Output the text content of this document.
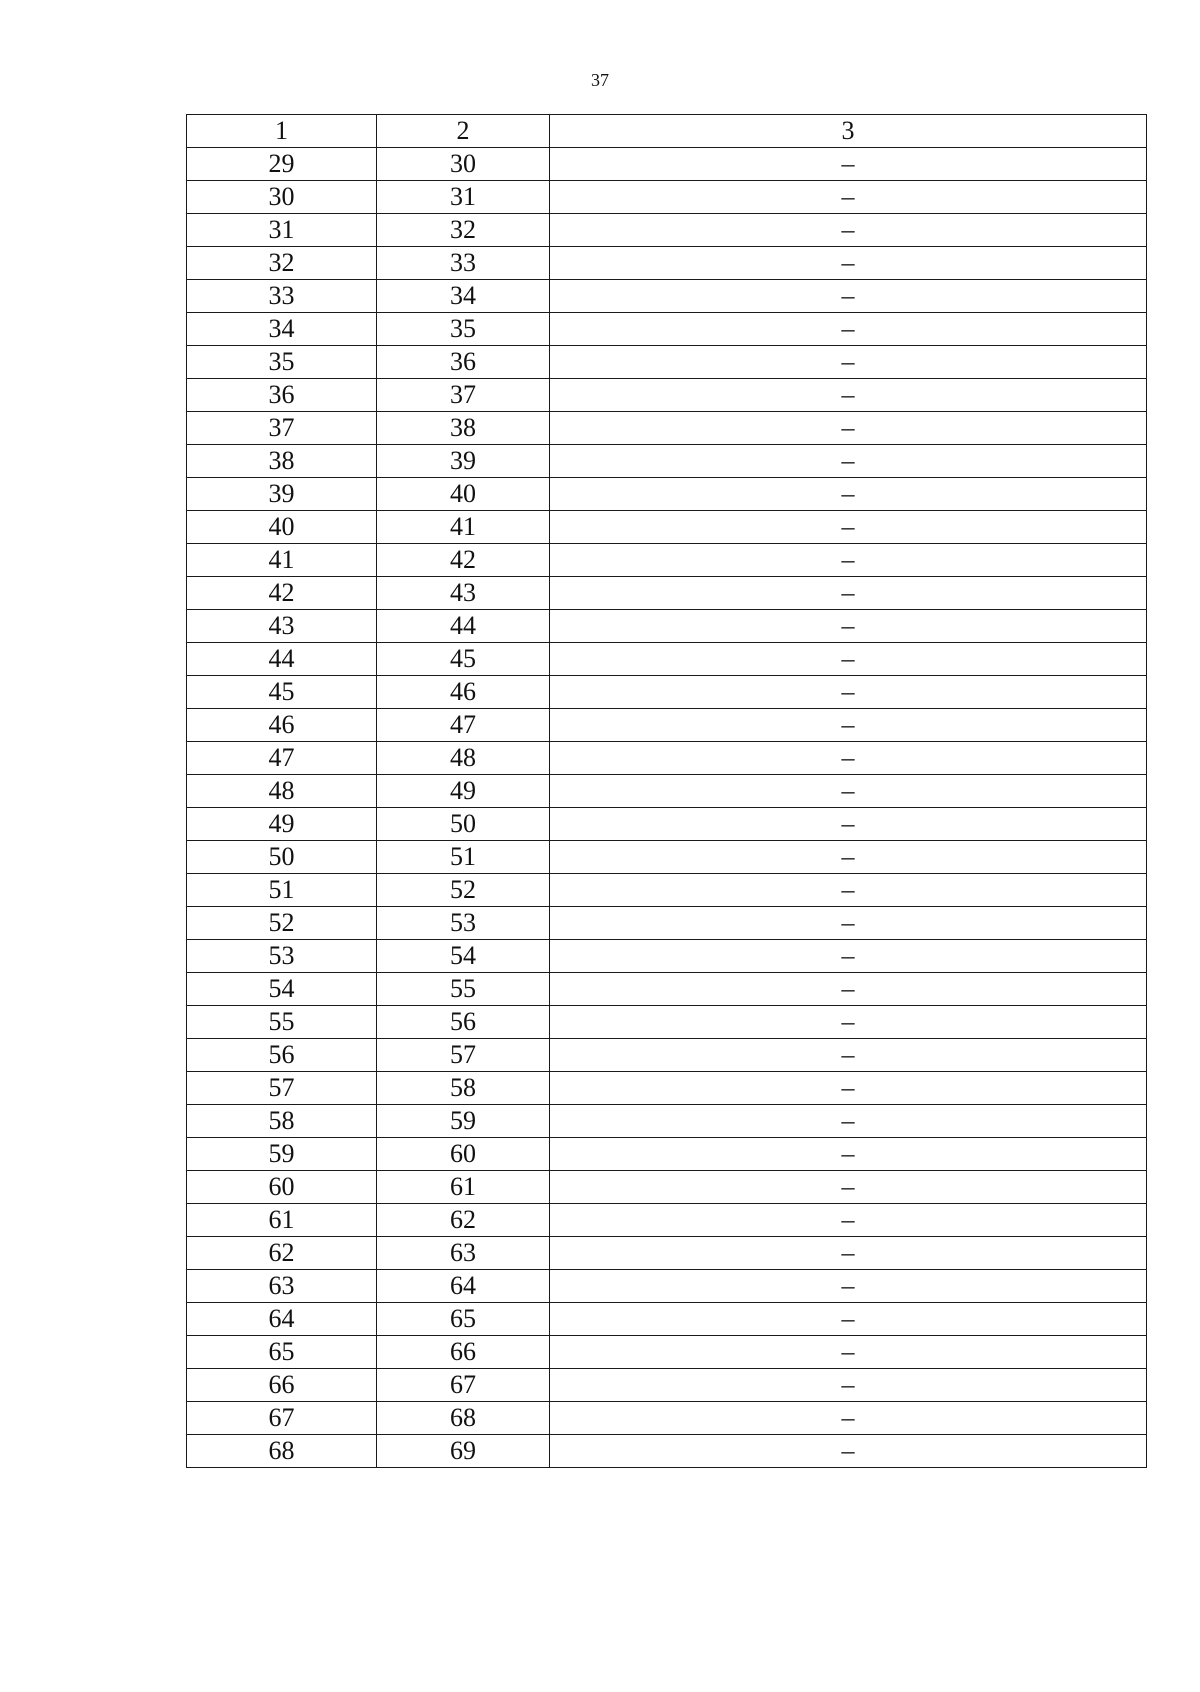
37
1	2	3
29	30	–
30	31	–
31	32	–
32	33	–
33	34	–
34	35	–
35	36	–
36	37	–
37	38	–
38	39	–
39	40	–
40	41	–
41	42	–
42	43	–
43	44	–
44	45	–
45	46	–
46	47	–
47	48	–
48	49	–
49	50	–
50	51	–
51	52	–
52	53	–
53	54	–
54	55	–
55	56	–
56	57	–
57	58	–
58	59	–
59	60	–
60	61	–
61	62	–
62	63	–
63	64	–
64	65	–
65	66	–
66	67	–
67	68	–
68	69	–
